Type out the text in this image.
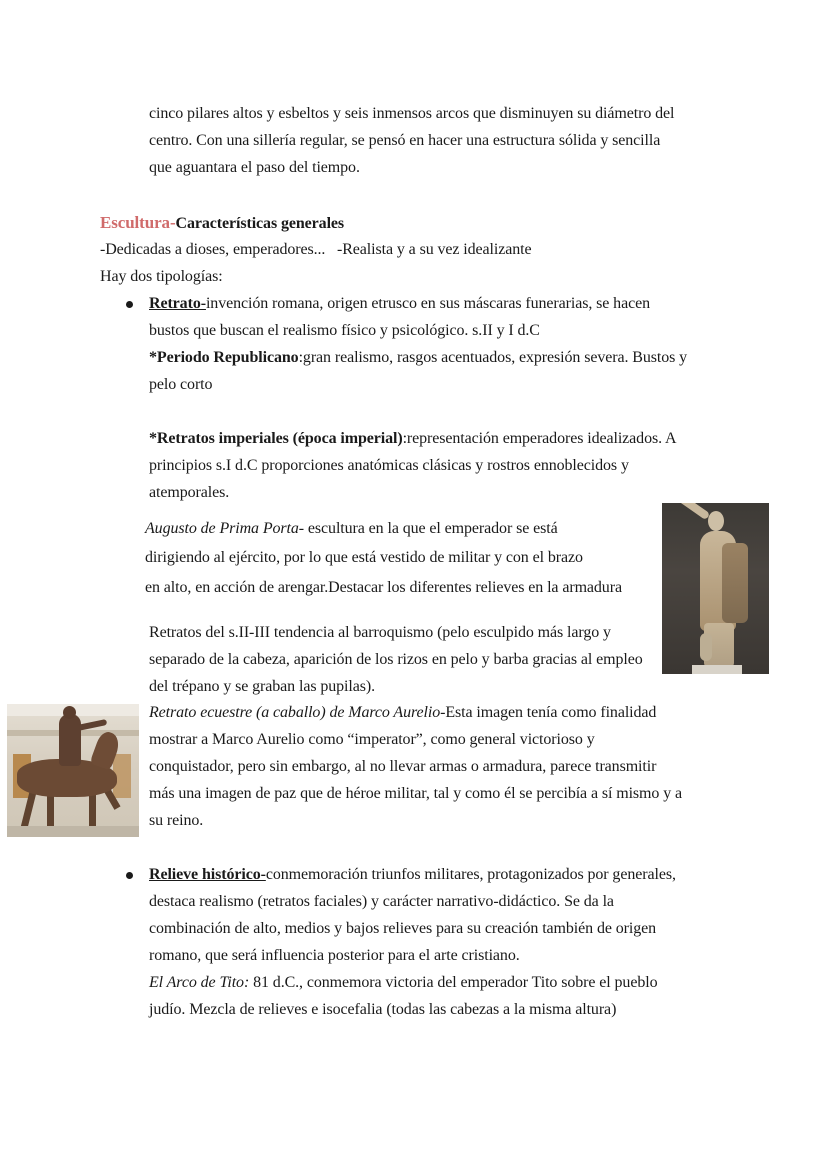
cinco pilares altos y esbeltos y seis inmensos arcos que disminuyen su diámetro del
centro. Con una sillería regular, se pensó en hacer una estructura sólida y sencilla
que aguantara el paso del tiempo.
Escultura-Características generales
-Dedicadas a dioses, emperadores...   -Realista y a su vez idealizante
Hay dos tipologías:
Retrato-invención romana, origen etrusco en sus máscaras funerarias, se hacen
bustos que buscan el realismo físico y psicológico. s.II y I d.C
*Periodo Republicano:gran realismo, rasgos acentuados, expresión severa. Bustos y
pelo corto
*Retratos imperiales (época imperial):representación emperadores idealizados. A
principios s.I d.C proporciones anatómicas clásicas y rostros ennoblecidos y
atemporales.
Augusto de Prima Porta- escultura en la que el emperador se está
dirigiendo al ejército, por lo que está vestido de militar y con el brazo
en alto, en acción de arengar.Destacar los diferentes relieves en la armadura
Retratos del s.II-III tendencia al barroquismo (pelo esculpido más largo y
separado de la cabeza, aparición de los rizos en pelo y barba gracias al empleo
del trépano y se graban las pupilas).
Retrato ecuestre (a caballo) de Marco Aurelio-Esta imagen tenía como finalidad
mostrar a Marco Aurelio como “imperator”, como general victorioso y
conquistador, pero sin embargo, al no llevar armas o armadura, parece transmitir
más una imagen de paz que de héroe militar, tal y como él se percibía a sí mismo y a
su reino.
Relieve histórico-conmemoración triunfos militares, protagonizados por generales,
destaca realismo (retratos faciales) y carácter narrativo-didáctico. Se da la
combinación de alto, medios y bajos relieves para su creación también de origen
romano, que será influencia posterior para el arte cristiano.
El Arco de Tito: 81 d.C., conmemora victoria del emperador Tito sobre el pueblo
judío. Mezcla de relieves e isocefalia (todas las cabezas a la misma altura)
